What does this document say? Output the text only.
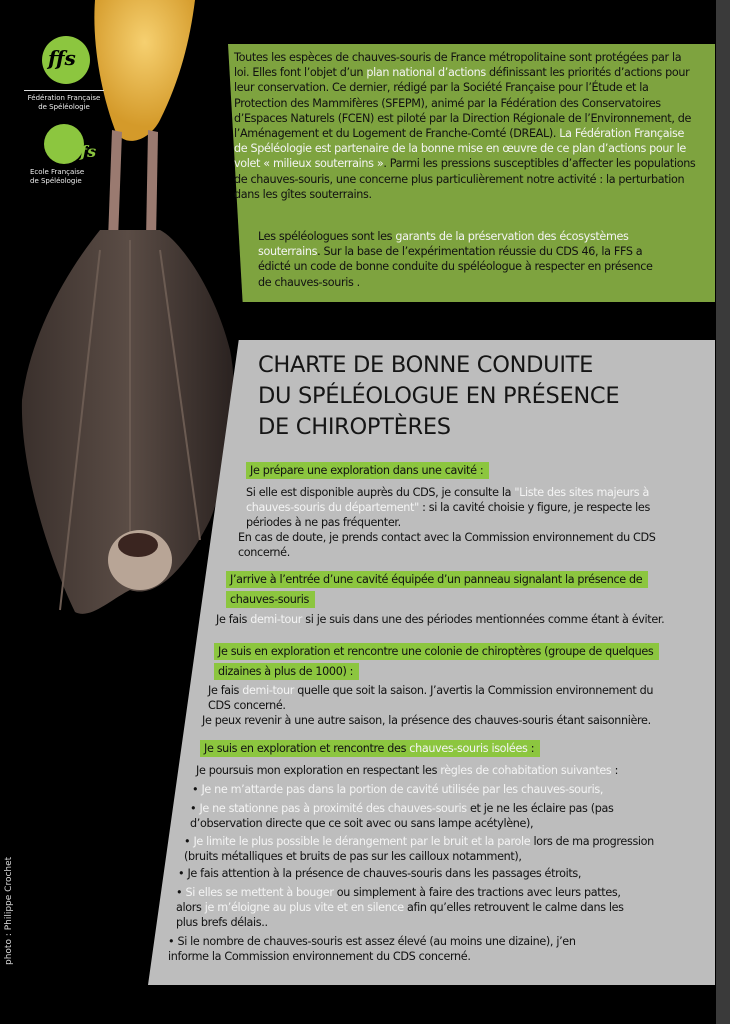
ffs
Fédération Française
de Spéléologie
efs
Ecole Française
de Spéléologie
Toutes les espèces de chauves-souris de France métropolitaine sont protégées par la loi. Elles font l’objet d’un plan national d’actions définissant les priorités d’actions pour leur conservation. Ce dernier, rédigé par la Société Française pour l’Étude et la Protection des Mammifères (SFEPM), animé par la Fédération des Conservatoires d’Espaces Naturels (FCEN) est piloté par la Direction Régionale de l’Environnement, de l’Aménagement et du Logement de Franche-Comté (DREAL). La Fédération Française de Spéléologie est partenaire de la bonne mise en œuvre de ce plan d’actions pour le volet « milieux souterrains ». Parmi les pressions susceptibles d’affecter les populations de chauves-souris, une concerne plus particulièrement notre activité : la perturbation dans les gîtes souterrains.
Les spéléologues sont les garants de la préservation des écosystèmes souterrains. Sur la base de l’expérimentation réussie du CDS 46, la FFS a édicté un code de bonne conduite du spéléologue à respecter en présence de chauves-souris .
CHARTE DE BONNE CONDUITE
DU SPÉLÉOLOGUE EN PRÉSENCE
DE CHIROPTÈRES
Je prépare une exploration dans une cavité :
Si elle est disponible auprès du CDS, je consulte la "Liste des sites majeurs à chauves-souris du département" : si la cavité choisie y figure, je respecte les périodes à ne pas fréquenter.
En cas de doute, je prends contact avec la Commission environnement du CDS concerné.
J’arrive à l’entrée d’une cavité équipée d’un panneau signalant la présence de chauves-souris
Je fais demi-tour si je suis dans une des périodes mentionnées comme étant à éviter.
Je suis en exploration et rencontre une colonie de chiroptères (groupe de quelques dizaines à plus de 1000) :
Je fais demi-tour quelle que soit la saison. J’avertis la Commission environnement du CDS concerné.
Je peux revenir à une autre saison, la présence des chauves-souris étant saisonnière.
Je suis en exploration et rencontre des chauves-souris isolées :
Je poursuis mon exploration en respectant les règles de cohabitation suivantes :
• Je ne m’attarde pas dans la portion de cavité utilisée par les chauves-souris,
• Je ne stationne pas à proximité des chauves-souris et je ne les éclaire pas (pas d’observation directe que ce soit avec ou sans lampe acétylène),
• Je limite le plus possible le dérangement par le bruit et la parole lors de ma progression (bruits métalliques et bruits de pas sur les cailloux notamment),
• Je fais attention à la présence de chauves-souris dans les passages étroits,
• Si elles se mettent à bouger ou simplement à faire des tractions avec leurs pattes, alors je m’éloigne au plus vite et en silence afin qu’elles retrouvent le calme dans les plus brefs délais..
• Si le nombre de chauves-souris est assez élevé (au moins une dizaine), j’en informe la Commission environnement du CDS concerné.
photo : Philippe Crochet
